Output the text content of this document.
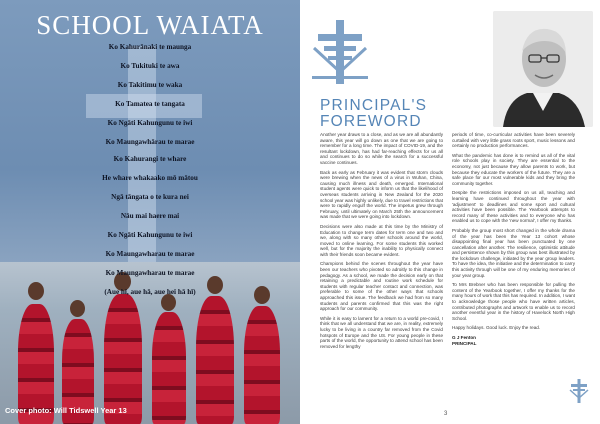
SCHOOL WAIATA
Ko Kahurānaki te maunga
Ko Tukituki te awa
Ko Takitimu te waka
Ko Tamatea te tangata
Ko Ngāti Kahungunu te iwi
Ko Maungawhārau te marae
Ko Kahurangi te whare
He whare whakaako mō mātou
Ngā tāngata o te kura nei
Nāu mai haere mai
Ko Ngāti Kahungunu te iwi
Ko Maungawharau te marae
Ko Maungawharau te marae
(Aue hī, aue hā, aue hei hā hī)
Cover photo: Will Tidswell Year 13
PRINCIPAL'S
FOREWORD

Another year draws to a close, and as we are all abundantly aware, this year will go down as one that we are going to remember for a long time. The impact of COVID-19, and the resultant lockdown, has had far-reaching effects for us all and continues to do so while the search for a successful vaccine continues.

Back as early as February it was evident that storm clouds were brewing when the news of a virus in Wuhan, China, causing much illness and death, emerged. International student agents were quick to inform us that the likelihood of overseas students arriving in New Zealand for the 2020 school year was highly unlikely, due to travel restrictions that were to rapidly engulf the world. The impetus grew through February, until ultimately on March 25th the announcement was made that we were going into lockdown.

Decisions were also made at this time by the Ministry of Education to change term dates for term one and two and we, along with so many other schools around the world, moved to online learning. For some students this worked well, but for the majority the inability to physically connect with their friends soon became evident.

Champions behind the scenes throughout the year have been our teachers who pivoted so adroitly to this change in pedagogy. As a school, we made the decision early on that retaining a predictable and routine work schedule for students with regular teacher contact and connection, was preferable to some of the other ways that schools approached this issue. The feedback we had from so many students and parents confirmed that this was the right approach for our community.

While it is easy to lament for a return to a world pre-covid, I think that we all understand that we are, in reality, extremely lucky to be living in a country far removed from the Covid hotspots of Europe and the US. For young people in these parts of the world, the opportunity to attend school has been removed for lengthy

periods of time, co-curricular activities have been severely curtailed with very little grass roots sport, music lessons and certainly no production performances.

What the pandemic has done is to remind us all of the vital role schools play in society. They are essential to the economy, not just because they allow parents to work, but because they educate the workers of the future. They are a safe place for our most vulnerable kids and they bring the community together.

Despite the restrictions imposed on us all, teaching and learning have continued throughout the year with 'adjustment' to deadlines and some sport and cultural activities have been possible. The Yearbook attempts to record many of these activities and to everyone who has enabled us to cope with the 'new normal', I offer my thanks.

Probably the group most short changed in the whole drama of the year has been the Year 13 cohort whose disappointing final year has been punctuated by one cancellation after another. The resilience, optimistic attitude and persistence shown by this group was best illustrated by the lockdown challenge, initiated by the year group leaders. To have the idea, the initiative and the determination to carry this activity through will be one of my enduring memories of your year group.

To Mrs Brebner who has been responsible for pulling the content of the Yearbook together, I offer my thanks for the many hours of work that this has required. In addition, I want to acknowledge those people who have written articles, contributed photographs and artwork to enable us to record another eventful year in the history of Havelock North High School.

Happy holidays. Good luck. Enjoy the read.

G J Fenton
PRINCIPAL
3
